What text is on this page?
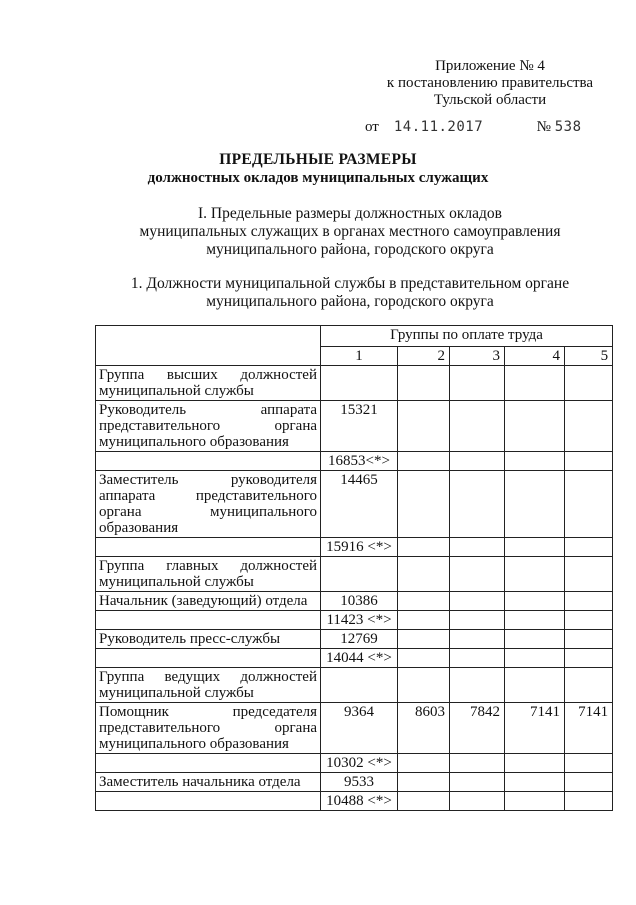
Приложение № 4
к постановлению правительства
Тульской области
от 14.11.2017	№ 538
ПРЕДЕЛЬНЫЕ РАЗМЕРЫ
должностных окладов муниципальных служащих
I. Предельные размеры должностных окладов
муниципальных служащих в органах местного самоуправления
муниципального района, городского округа
1. Должности муниципальной службы в представительном органе
муниципального района, городского округа
	Группы по оплате труда				
	1	2	3	4	5
Группа высших должностей муниципальной службы					
Руководитель аппарата представительного органа муниципального образования	15321				
	16853<*>				
Заместитель руководителя аппарата представительного органа муниципального образования	14465				
	15916 <*>				
Группа главных должностей муниципальной службы					
Начальник (заведующий) отдела	10386				
	11423 <*>				
Руководитель пресс-службы	12769				
	14044 <*>				
Группа ведущих должностей муниципальной службы					
Помощник председателя представительного органа муниципального образования	9364	8603	7842	7141	7141
	10302 <*>				
Заместитель начальника отдела	9533				
	10488 <*>				
